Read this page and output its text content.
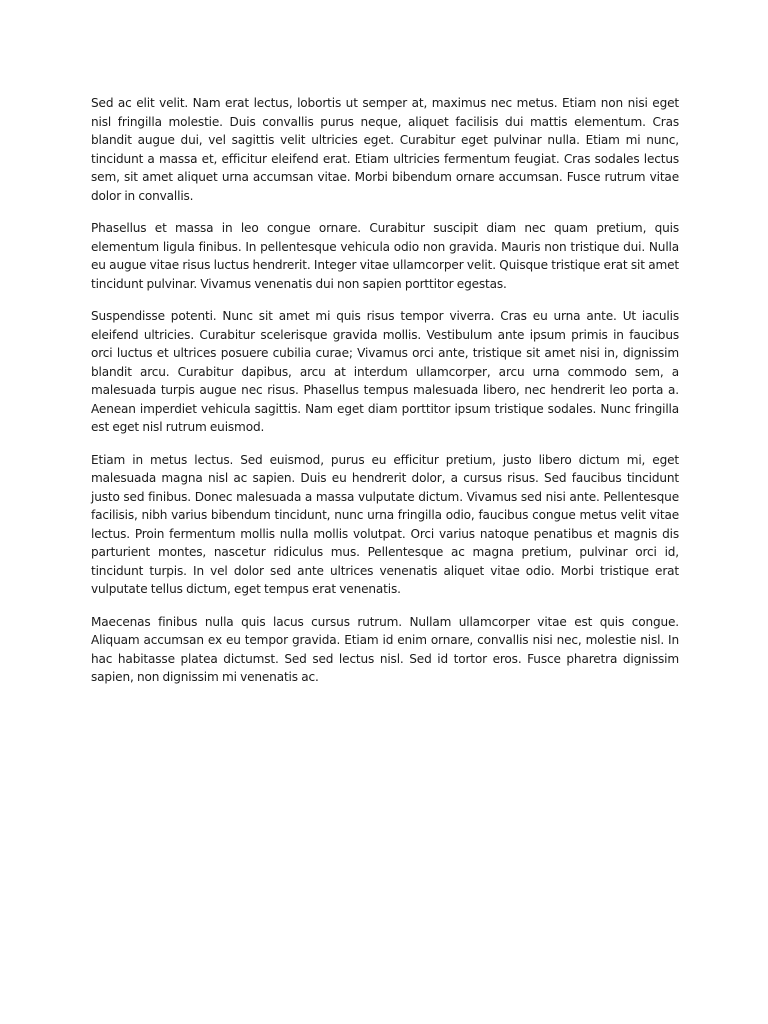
Sed ac elit velit. Nam erat lectus, lobortis ut semper at, maximus nec metus. Etiam non nisi eget nisl fringilla molestie. Duis convallis purus neque, aliquet facilisis dui mattis elementum. Cras blandit augue dui, vel sagittis velit ultricies eget. Curabitur eget pulvinar nulla. Etiam mi nunc, tincidunt a massa et, efficitur eleifend erat. Etiam ultricies fermentum feugiat. Cras sodales lectus sem, sit amet aliquet urna accumsan vitae. Morbi bibendum ornare accumsan. Fusce rutrum vitae dolor in convallis.

Phasellus et massa in leo congue ornare. Curabitur suscipit diam nec quam pretium, quis elementum ligula finibus. In pellentesque vehicula odio non gravida. Mauris non tristique dui. Nulla eu augue vitae risus luctus hendrerit. Integer vitae ullamcorper velit. Quisque tristique erat sit amet tincidunt pulvinar. Vivamus venenatis dui non sapien porttitor egestas.

Suspendisse potenti. Nunc sit amet mi quis risus tempor viverra. Cras eu urna ante. Ut iaculis eleifend ultricies. Curabitur scelerisque gravida mollis. Vestibulum ante ipsum primis in faucibus orci luctus et ultrices posuere cubilia curae; Vivamus orci ante, tristique sit amet nisi in, dignissim blandit arcu. Curabitur dapibus, arcu at interdum ullamcorper, arcu urna commodo sem, a malesuada turpis augue nec risus. Phasellus tempus malesuada libero, nec hendrerit leo porta a. Aenean imperdiet vehicula sagittis. Nam eget diam porttitor ipsum tristique sodales. Nunc fringilla est eget nisl rutrum euismod.

Etiam in metus lectus. Sed euismod, purus eu efficitur pretium, justo libero dictum mi, eget malesuada magna nisl ac sapien. Duis eu hendrerit dolor, a cursus risus. Sed faucibus tincidunt justo sed finibus. Donec malesuada a massa vulputate dictum. Vivamus sed nisi ante. Pellentesque facilisis, nibh varius bibendum tincidunt, nunc urna fringilla odio, faucibus congue metus velit vitae lectus. Proin fermentum mollis nulla mollis volutpat. Orci varius natoque penatibus et magnis dis parturient montes, nascetur ridiculus mus. Pellentesque ac magna pretium, pulvinar orci id, tincidunt turpis. In vel dolor sed ante ultrices venenatis aliquet vitae odio. Morbi tristique erat vulputate tellus dictum, eget tempus erat venenatis.

Maecenas finibus nulla quis lacus cursus rutrum. Nullam ullamcorper vitae est quis congue. Aliquam accumsan ex eu tempor gravida. Etiam id enim ornare, convallis nisi nec, molestie nisl. In hac habitasse platea dictumst. Sed sed lectus nisl. Sed id tortor eros. Fusce pharetra dignissim sapien, non dignissim mi venenatis ac.
